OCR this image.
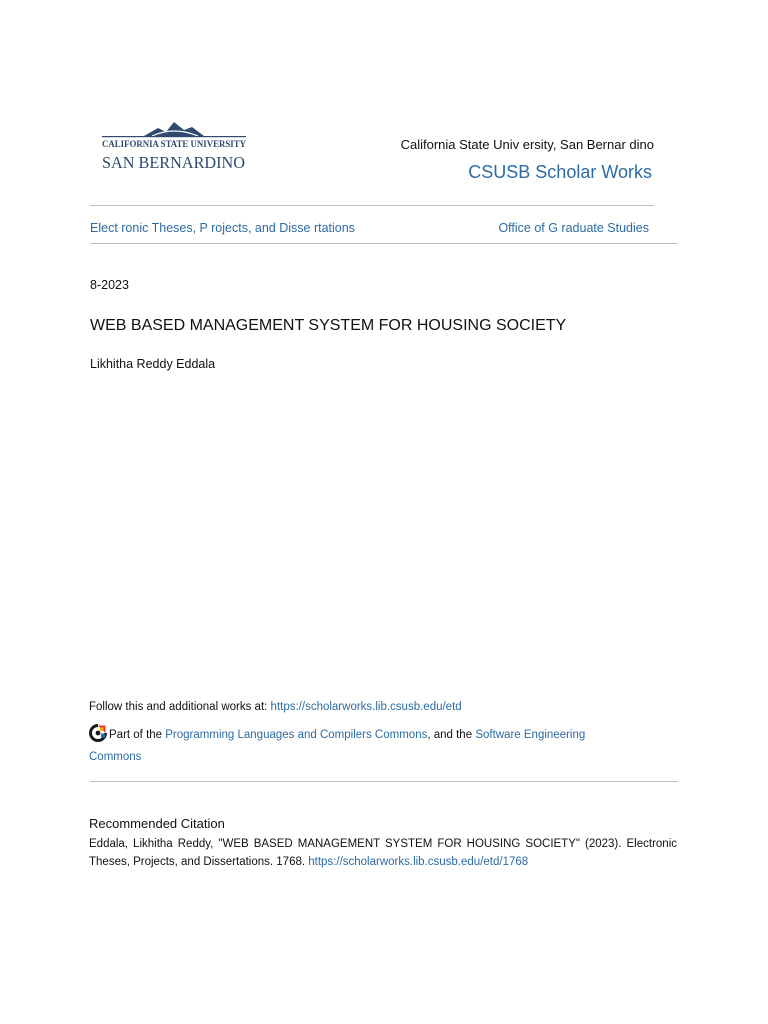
CALIFORNIA STATE UNIVERSITY
SAN BERNARDINO
California State Univ ersity, San Bernar dino
CSUSB Scholar Works
Elect ronic Theses, P rojects, and Disse rtations	Office of G raduate Studies
8-2023
WEB BASED MANAGEMENT SYSTEM FOR HOUSING SOCIETY
Likhitha Reddy Eddala
Follow this and additional works at: https://scholarworks.lib.csusb.edu/etd
Part of the Programming Languages and Compilers Commons, and the Software Engineering Commons
Recommended Citation
Eddala, Likhitha Reddy, "WEB BASED MANAGEMENT SYSTEM FOR HOUSING SOCIETY" (2023). Electronic Theses, Projects, and Dissertations. 1768. https://scholarworks.lib.csusb.edu/etd/1768
